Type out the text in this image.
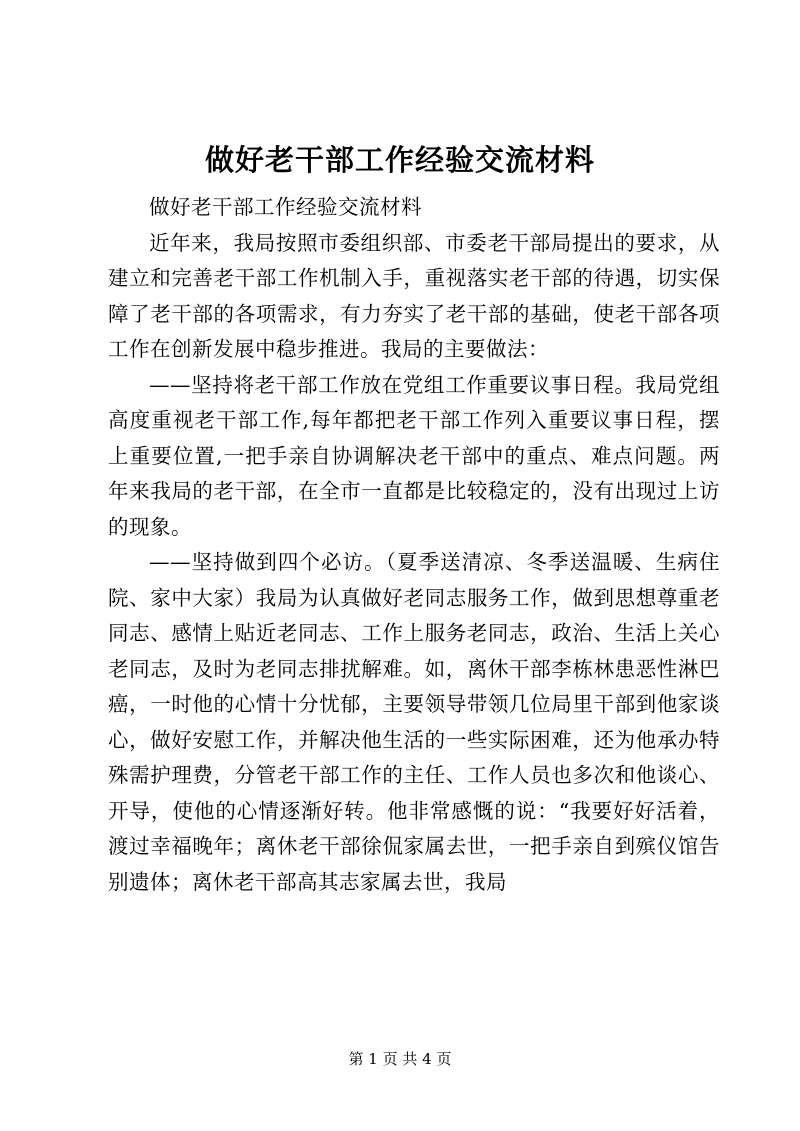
做好老干部工作经验交流材料

做好老干部工作经验交流材料

近年来，我局按照市委组织部、市委老干部局提出的要求，从建立和完善老干部工作机制入手，重视落实老干部的待遇，切实保障了老干部的各项需求，有力夯实了老干部的基础，使老干部各项工作在创新发展中稳步推进。我局的主要做法：

——坚持将老干部工作放在党组工作重要议事日程。我局党组高度重视老干部工作,每年都把老干部工作列入重要议事日程，摆上重要位置,一把手亲自协调解决老干部中的重点、难点问题。两年来我局的老干部，在全市一直都是比较稳定的，没有出现过上访的现象。

——坚持做到四个必访。（夏季送清凉、冬季送温暖、生病住院、家中大家）我局为认真做好老同志服务工作，做到思想尊重老同志、感情上贴近老同志、工作上服务老同志，政治、生活上关心老同志，及时为老同志排扰解难。如，离休干部李栋林患恶性淋巴癌，一时他的心情十分忧郁，主要领导带领几位局里干部到他家谈心，做好安慰工作，并解决他生活的一些实际困难，还为他承办特殊需护理费，分管老干部工作的主任、工作人员也多次和他谈心、开导，使他的心情逐渐好转。他非常感慨的说：“我要好好活着，渡过幸福晚年；离休老干部徐侃家属去世，一把手亲自到殡仪馆告别遗体；离休老干部高其志家属去世，我局

第 1 页 共 4 页
